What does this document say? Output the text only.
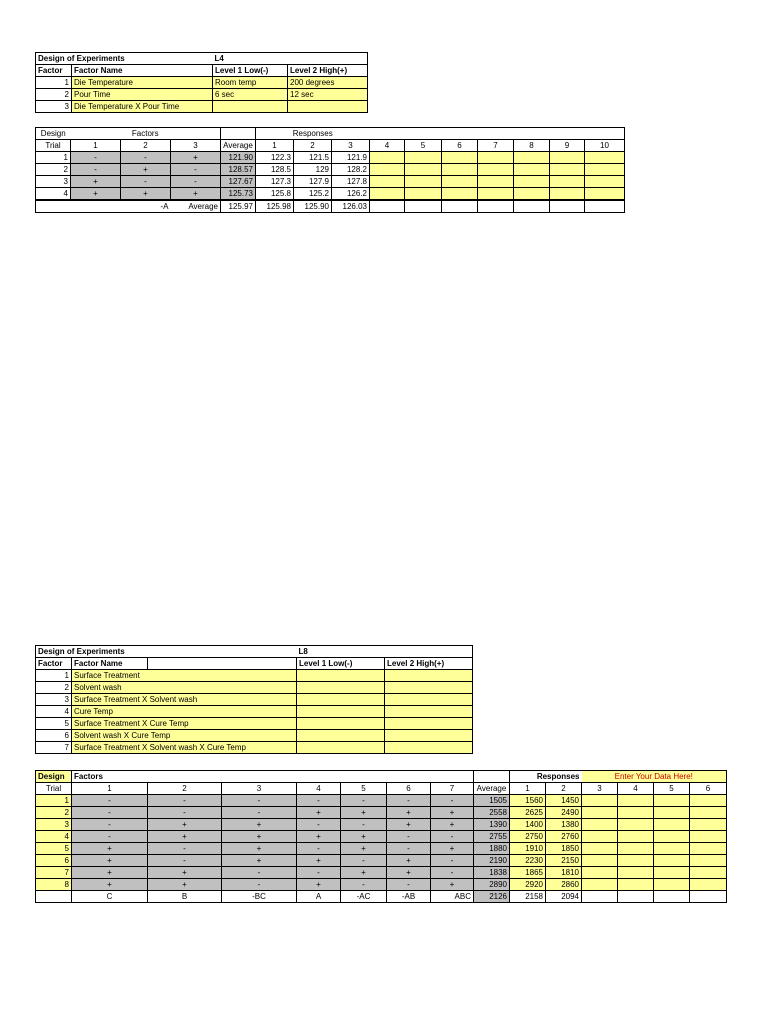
Design of Experiments		L4	
Factor	Factor Name	Level 1 Low(-)	Level 2 High(+)
1	Die Temperature	Room temp	200 degrees
2	Pour Time	6 sec	12 sec
3	Die Temperature X Pour Time		
Design	Factors				Responses									
Trial	1	2	3	Average	1	2	3	4	5	6	7	8	9	10
1	-	-	+	121.90	122.3	121.5	121.9							
2	-	+	-	128.57	128.5	129	128.2							
3	+	-	-	127.67	127.3	127.9	127.8							
4	+	+	+	125.73	125.8	125.2	126.2							
	-A		Average	125.97	125.98	125.90	126.03							
Design of Experiments			L8	
Factor	Factor Name		Level 1 Low(-)	Level 2 High(+)
1	Surface Treatment			
2	Solvent wash			
3	Surface Treatment X Solvent wash			
4	Cure Temp			
5	Surface Treatment X Cure Temp			
6	Solvent wash X Cure Temp			
7	Surface Treatment X Solvent wash X Cure Temp			
Design	Factors								Responses		Enter Your Data Here!			
Trial	1	2	3	4	5	6	7	Average	1	2	3	4	5	6
1	-	-	-	-	-	-	-	1505	1560	1450				
2	-	-	-	+	+	+	+	2558	2625	2490				
3	-	+	+	-	-	+	+	1390	1400	1380				
4	-	+	+	+	+	-	-	2755	2750	2760				
5	+	-	+	-	+	-	+	1880	1910	1850				
6	+	-	+	+	-	+	-	2190	2230	2150				
7	+	+	-	-	+	+	-	1838	1865	1810				
8	+	+	-	+	-	-	+	2890	2920	2860				
	C	B	-BC	A	-AC	-AB	ABC	2126	2158	2094				
